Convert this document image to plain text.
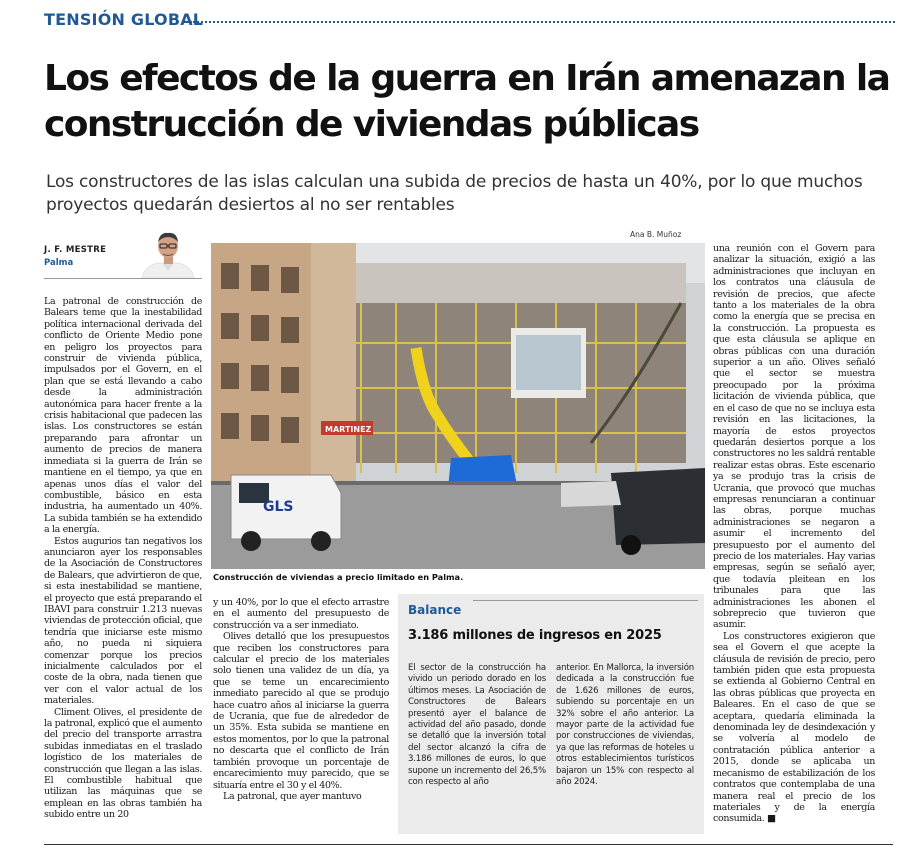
TENSIÓN GLOBAL
Los efectos de la guerra en Irán amenazan la construcción de viviendas públicas
Los constructores de las islas calculan una subida de precios de hasta un 40%, por lo que muchos proyectos quedarán desiertos al no ser rentables
J. F. MESTRE
Palma
Ana B. Muñoz
GLS
MARTINEZ
Construcción de viviendas a precio limitado en Palma.

La patronal de construcción de Balears teme que la inestabilidad política internacional derivada del conflicto de Oriente Medio pone en peligro los proyectos para construir de vivienda pública, impulsados por el Govern, en el plan que se está llevando a cabo desde la administración autonómica para hacer frente a la crisis habitacional que padecen las islas. Los constructores se están preparando para afrontar un aumento de precios de manera inmediata si la guerra de Irán se mantiene en el tiempo, ya que en apenas unos días el valor del combustible, básico en esta industria, ha aumentado un 40%. La subida también se ha extendido a la energía.

Estos augurios tan negativos los anunciaron ayer los responsables de la Asociación de Constructores de Balears, que advirtieron de que, si esta inestabilidad se mantiene, el proyecto que está preparando el IBAVI para construir 1.213 nuevas viviendas de protección oficial, que tendría que iniciarse este mismo año, no pueda ni siquiera comenzar porque los precios inicialmente calculados por el coste de la obra, nada tienen que ver con el valor actual de los materiales.

Climent Olives, el presidente de la patronal, explicó que el aumento del precio del transporte arrastra subidas inmediatas en el traslado logístico de los materiales de construcción que llegan a las islas. El combustible habitual que utilizan las máquinas que se emplean en las obras también ha subido entre un 20

y un 40%, por lo que el efecto arrastre en el aumento del presupuesto de construcción va a ser inmediato.

Olives detalló que los presupuestos que reciben los constructores para calcular el precio de los materiales solo tienen una validez de un día, ya que se teme un encarecimiento inmediato parecido al que se produjo hace cuatro años al iniciarse la guerra de Ucrania, que fue de alrededor de un 35%. Esta subida se mantiene en estos momentos, por lo que la patronal no descarta que el conflicto de Irán también provoque un porcentaje de encarecimiento muy parecido, que se situaría entre el 30 y el 40%.

La patronal, que ayer mantuvo

Balance
3.186 millones de ingresos en 2025
El sector de la construcción ha vivido un periodo dorado en los últimos meses. La Asociación de Constructores de Balears presentó ayer el balance de actividad del año pasado, donde se detalló que la inversión total del sector alcanzó la cifra de 3.186 millones de euros, lo que supone un incremento del 26,5% con respecto al año
anterior. En Mallorca, la inversión dedicada a la construcción fue de 1.626 millones de euros, subiendo su porcentaje en un 32% sobre el año anterior. La mayor parte de la actividad fue por construcciones de viviendas, ya que las reformas de hoteles u otros establecimientos turísticos bajaron un 15% con respecto al año 2024.

una reunión con el Govern para analizar la situación, exigió a las administraciones que incluyan en los contratos una cláusula de revisión de precios, que afecte tanto a los materiales de la obra como la energía que se precisa en la construcción. La propuesta es que esta cláusula se aplique en obras públicas con una duración superior a un año. Olives señaló que el sector se muestra preocupado por la próxima licitación de vivienda pública, que en el caso de que no se incluya esta revisión en las licitaciones, la mayoría de estos proyectos quedarán desiertos porque a los constructores no les saldrá rentable realizar estas obras. Este escenario ya se produjo tras la crisis de Ucrania, que provocó que muchas empresas renunciaran a continuar las obras, porque muchas administraciones se negaron a asumir el incremento del presupuesto por el aumento del precio de los materiales. Hay varias empresas, según se señaló ayer, que todavía pleitean en los tribunales para que las administraciones les abonen el sobreprecio que tuvieron que asumir.

Los constructores exigieron que sea el Govern el que acepte la cláusula de revisión de precio, pero también piden que esta propuesta se extienda al Gobierno Central en las obras públicas que proyecta en Baleares. En el caso de que se aceptara, quedaría eliminada la denominada ley de desindexación y se volvería al modelo de contratación pública anterior a 2015, donde se aplicaba un mecanismo de estabilización de los contratos que contemplaba de una manera real el precio de los materiales y de la energía consumida. ■
